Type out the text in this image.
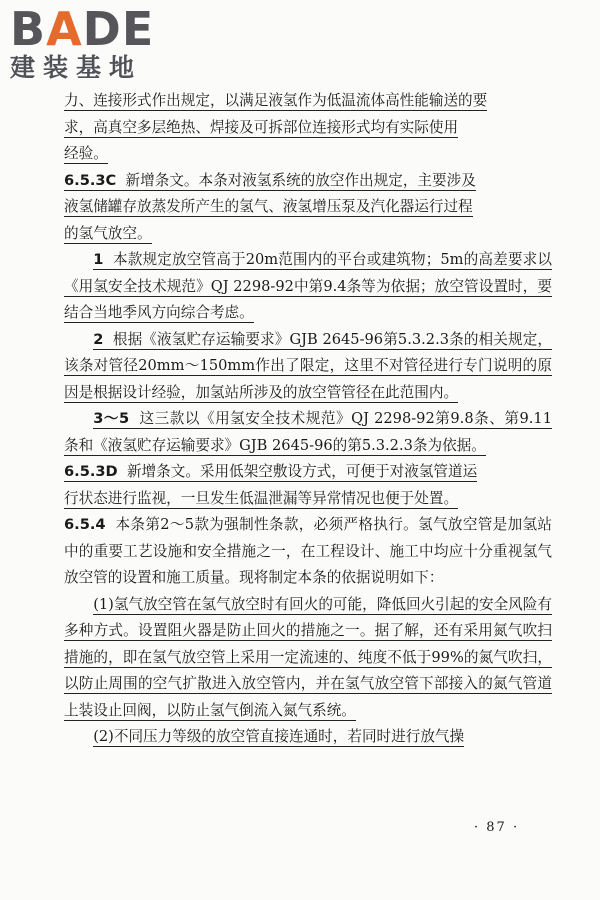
BADE
建装基地

力、连接形式作出规定，以满足液氢作为低温流体高性能输送的要
求，高真空多层绝热、焊接及可拆部位连接形式均有实际使用
经验。

6.5.3C 新增条文。本条对液氢系统的放空作出规定，主要涉及
液氢储罐存放蒸发所产生的氢气、液氢增压泵及汽化器运行过程
的氢气放空。

1 本款规定放空管高于20m范围内的平台或建筑物；5m的高差要求以《用氢安全技术规范》QJ 2298-92中第9.4条等为依据；放空管设置时，要结合当地季风方向综合考虑。

2 根据《液氢贮存运输要求》GJB 2645-96第5.3.2.3条的相关规定，该条对管径20mm～150mm作出了限定，这里不对管径进行专门说明的原因是根据设计经验，加氢站所涉及的放空管管径在此范围内。

3～5 这三款以《用氢安全技术规范》QJ 2298-92第9.8条、第9.11条和《液氢贮存运输要求》GJB 2645-96的第5.3.2.3条为依据。

6.5.3D 新增条文。采用低架空敷设方式，可便于对液氢管道运
行状态进行监视，一旦发生低温泄漏等异常情况也便于处置。

6.5.4 本条第2～5款为强制性条款，必须严格执行。氢气放空管是加氢站中的重要工艺设施和安全措施之一，在工程设计、施工中均应十分重视氢气放空管的设置和施工质量。现将制定本条的依据说明如下：

(1)氢气放空管在氢气放空时有回火的可能，降低回火引起的安全风险有多种方式。设置阻火器是防止回火的措施之一。据了解，还有采用氮气吹扫措施的，即在氢气放空管上采用一定流速的、纯度不低于99%的氮气吹扫，以防止周围的空气扩散进入放空管内，并在氢气放空管下部接入的氮气管道上装设止回阀，以防止氢气倒流入氮气系统。

(2)不同压力等级的放空管直接连通时，若同时进行放气操

· 87 ·
